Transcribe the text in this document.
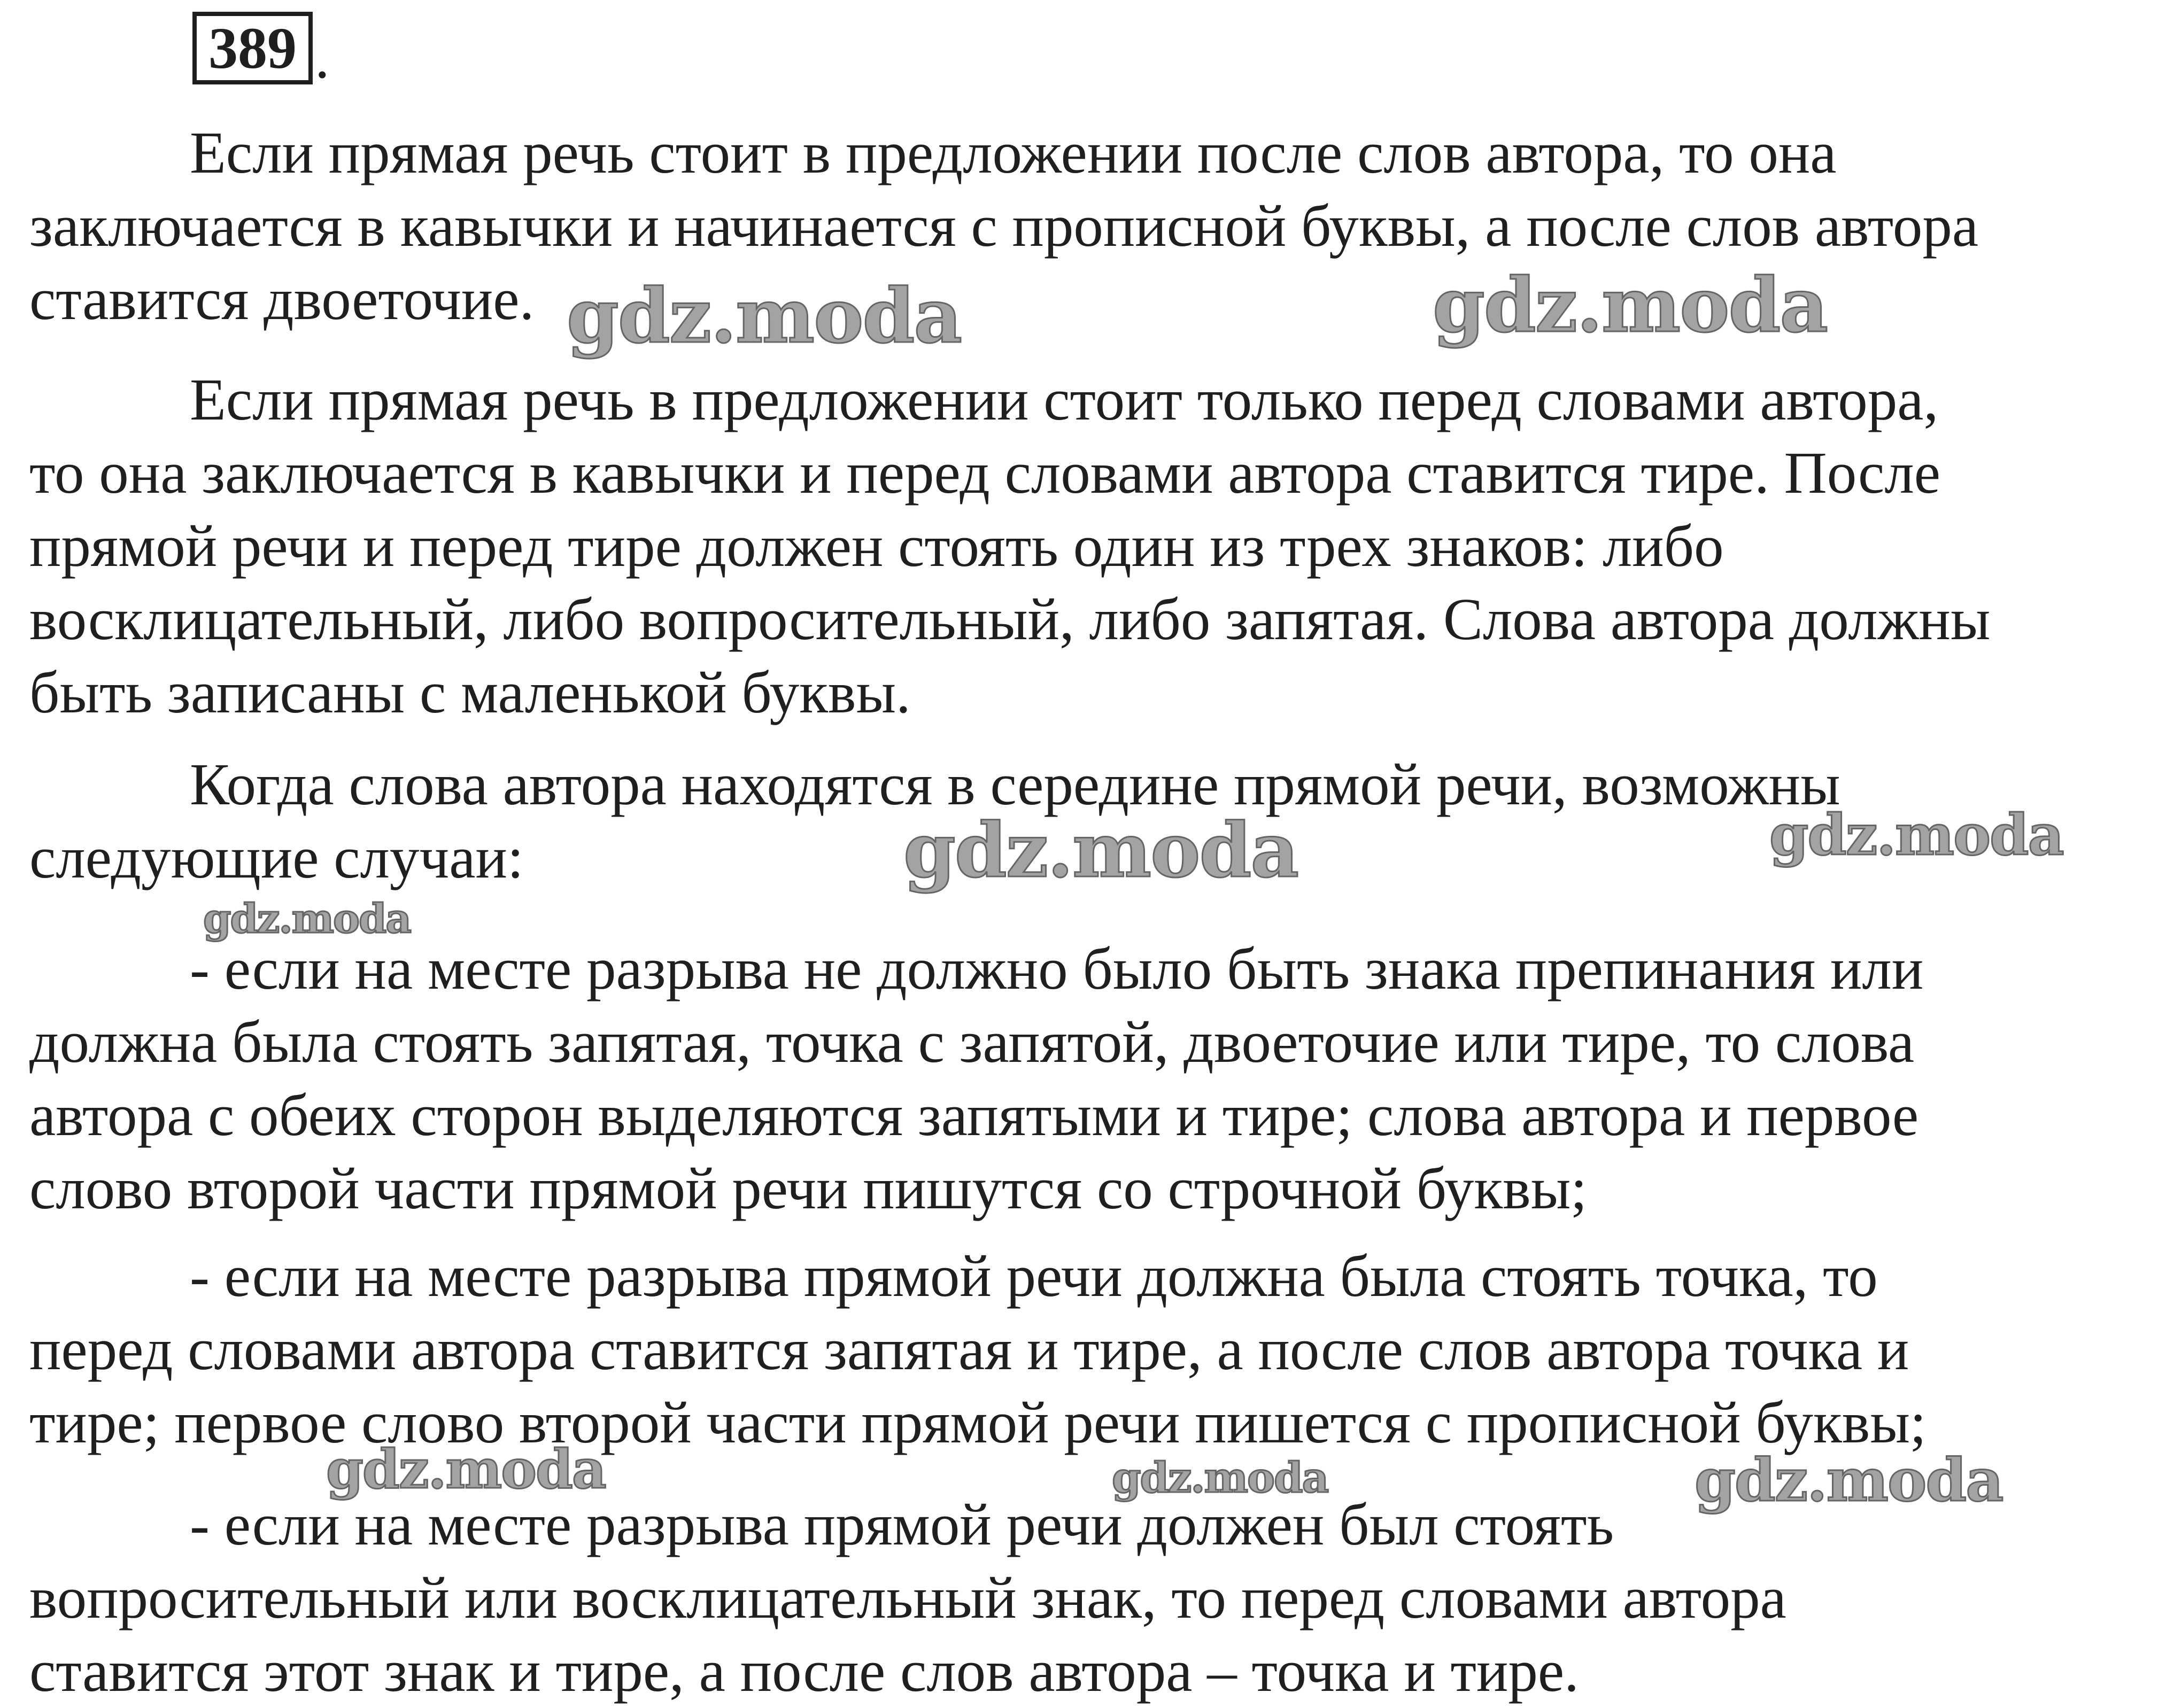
389 .

Если прямая речь стоит в предложении после слов автора, то она
заключается в кавычки и начинается с прописной буквы, а после слов автора
ставится двоеточие.

Если прямая речь в предложении стоит только перед словами автора,
то она заключается в кавычки и перед словами автора ставится тире. После
прямой речи и перед тире должен стоять один из трех знаков: либо
восклицательный, либо вопросительный, либо запятая. Слова автора должны
быть записаны с маленькой буквы.

Когда слова автора находятся в середине прямой речи, возможны
следующие случаи:

- если на месте разрыва не должно было быть знака препинания или
должна была стоять запятая, точка с запятой, двоеточие или тире, то слова
автора с обеих сторон выделяются запятыми и тире; слова автора и первое
слово второй части прямой речи пишутся со строчной буквы;

- если на месте разрыва прямой речи должна была стоять точка, то
перед словами автора ставится запятая и тире, а после слов автора точка и
тире; первое слово второй части прямой речи пишется с прописной буквы;

- если на месте разрыва прямой речи должен был стоять
вопросительный или восклицательный знак, то перед словами автора
ставится этот знак и тире, а после слов автора – точка и тире.

gdz.moda	gdz.moda
gdz.moda	gdz.moda
gdz.moda
gdz.moda	gdz.moda	gdz.moda
